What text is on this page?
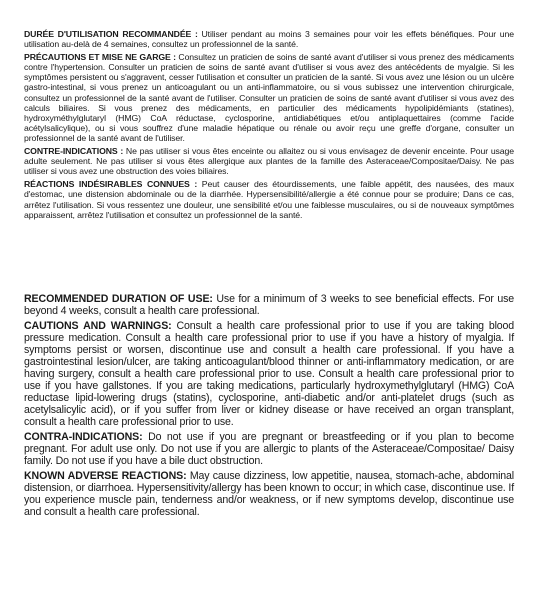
DURÉE D'UTILISATION RECOMMANDÉE : Utiliser pendant au moins 3 semaines pour voir les effets bénéfiques. Pour une utilisation au-delà de 4 semaines, consultez un professionnel de la santé.

PRÉCAUTIONS ET MISE NE GARGE : Consultez un praticien de soins de santé avant d'utiliser si vous prenez des médicaments contre l'hypertension. Consulter un praticien de soins de santé avant d'utiliser si vous avez des antécédents de myalgie. Si les symptômes persistent ou s'aggravent, cesser l'utilisation et consulter un praticien de la santé. Si vous avez une lésion ou un ulcère gastro-intestinal, si vous prenez un anticoagulant ou un anti-inflammatoire, ou si vous subissez une intervention chirurgicale, consultez un professionnel de la santé avant de l'utiliser. Consulter un praticien de soins de santé avant d'utiliser si vous avez des calculs biliaires. Si vous prenez des médicaments, en particulier des médicaments hypolipidémiants (statines), hydroxyméthylglutaryl (HMG) CoA réductase, cyclosporine, antidiabétiques et/ou antiplaquettaires (comme l'acide acétylsalicylique), ou si vous souffrez d'une maladie hépatique ou rénale ou avoir reçu une greffe d'organe, consulter un professionnel de la santé avant de l'utiliser.

CONTRE-INDICATIONS : Ne pas utiliser si vous êtes enceinte ou allaitez ou si vous envisagez de devenir enceinte. Pour usage adulte seulement. Ne pas utiliser si vous êtes allergique aux plantes de la famille des Asteraceae/Compositae/Daisy. Ne pas utiliser si vous avez une obstruction des voies biliaires.

RÉACTIONS INDÉSIRABLES CONNUES : Peut causer des étourdissements, une faible appétit, des nausées, des maux d'estomac, une distension abdominale ou de la diarrhée. Hypersensibilité/allergie a été connue pour se produire; Dans ce cas, arrêtez l'utilisation. Si vous ressentez une douleur, une sensibilité et/ou une faiblesse musculaires, ou si de nouveaux symptômes apparaissent, arrêtez l'utilisation et consultez un professionnel de la santé.

RECOMMENDED DURATION OF USE: Use for a minimum of 3 weeks to see beneficial effects. For use beyond 4 weeks, consult a health care professional.

CAUTIONS AND WARNINGS: Consult a health care professional prior to use if you are taking blood pressure medication. Consult a health care professional prior to use if you have a history of myalgia. If symptoms persist or worsen, discontinue use and consult a health care professional. If you have a gastrointestinal lesion/ulcer, are taking anticoagulant/blood thinner or anti-inflammatory medication, or are having surgery, consult a health care professional prior to use. Consult a health care professional prior to use if you have gallstones. If you are taking medications, particularly hydroxymethylglutaryl (HMG) CoA reductase lipid-lowering drugs (statins), cyclosporine, anti-diabetic and/or anti-platelet drugs (such as acetylsalicylic acid), or if you suffer from liver or kidney disease or have received an organ transplant, consult a health care professional prior to use.

CONTRA-INDICATIONS: Do not use if you are pregnant or breastfeeding or if you plan to become pregnant. For adult use only. Do not use if you are allergic to plants of the Asteraceae/Compositae/ Daisy family. Do not use if you have a bile duct obstruction.

KNOWN ADVERSE REACTIONS: May cause dizziness, low appetitie, nausea, stomach-ache, abdominal distension, or diarrhoea. Hypersensitivity/allergy has been known to occur; in which case, discontinue use. If you experience muscle pain, tenderness and/or weakness, or if new symptoms develop, discontinue use and consult a health care professional.
